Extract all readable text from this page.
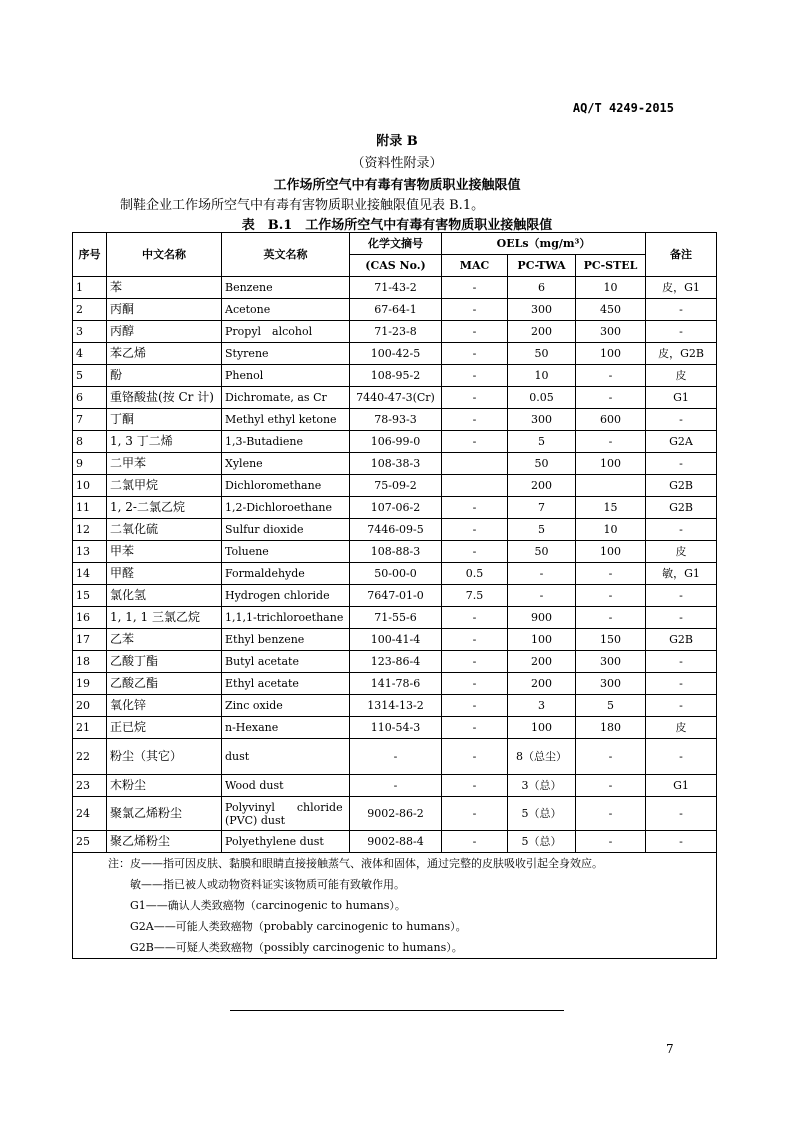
AQ/T 4249-2015
附录 B
（资料性附录）
工作场所空气中有毒有害物质职业接触限值
制鞋企业工作场所空气中有毒有害物质职业接触限值见表 B.1。
表　B.1　工作场所空气中有毒有害物质职业接触限值
序号	中文名称	英文名称	化学文摘号	OELs（mg/m³）			备注
			(CAS No.)	MAC	PC-TWA	PC-STEL	
1	苯	Benzene	71-43-2	-	6	10	皮，G1
2	丙酮	Acetone	67-64-1	-	300	450	-
3	丙醇	Propyl　alcohol	71-23-8	-	200	300	-
4	苯乙烯	Styrene	100-42-5	-	50	100	皮，G2B
5	酚	Phenol	108-95-2	-	10	-	皮
6	重铬酸盐(按 Cr 计)	Dichromate, as Cr	7440-47-3(Cr)	-	0.05	-	G1
7	丁酮	Methyl ethyl ketone	78-93-3	-	300	600	-
8	1, 3 丁二烯	1,3-Butadiene	106-99-0	-	5	-	G2A
9	二甲苯	Xylene	108-38-3		50	100	-
10	二氯甲烷	Dichloromethane	75-09-2		200		G2B
11	1, 2-二氯乙烷	1,2-Dichloroethane	107-06-2	-	7	15	G2B
12	二氧化硫	Sulfur dioxide	7446-09-5	-	5	10	-
13	甲苯	Toluene	108-88-3	-	50	100	皮
14	甲醛	Formaldehyde	50-00-0	0.5	-	-	敏，G1
15	氯化氢	Hydrogen chloride	7647-01-0	7.5	-	-	-
16	1, 1, 1 三氯乙烷	1,1,1-trichloroethane	71-55-6	-	900	-	-
17	乙苯	Ethyl benzene	100-41-4	-	100	150	G2B
18	乙酸丁酯	Butyl acetate	123-86-4	-	200	300	-
19	乙酸乙酯	Ethyl acetate	141-78-6	-	200	300	-
20	氧化锌	Zinc oxide	1314-13-2	-	3	5	-
21	正已烷	n-Hexane	110-54-3	-	100	180	皮
22	粉尘（其它）	dust	-	-	8（总尘）	-	-
23	木粉尘	Wood dust	-	-	3（总）	-	G1
24	聚氯乙烯粉尘	Polyvinyl　　chloride
(PVC) dust	9002-86-2	-	5（总）	-	-
25	聚乙烯粉尘	Polyethylene dust	9002-88-4	-	5（总）	-	-

注：皮——指可因皮肤、黏膜和眼睛直接接触蒸气、液体和固体，通过完整的皮肤吸收引起全身效应。
敏——指已被人或动物资料证实该物质可能有致敏作用。
G1——确认人类致癌物（carcinogenic to humans）。
G2A——可能人类致癌物（probably carcinogenic to humans）。
G2B——可疑人类致癌物（possibly carcinogenic to humans）。							
7
